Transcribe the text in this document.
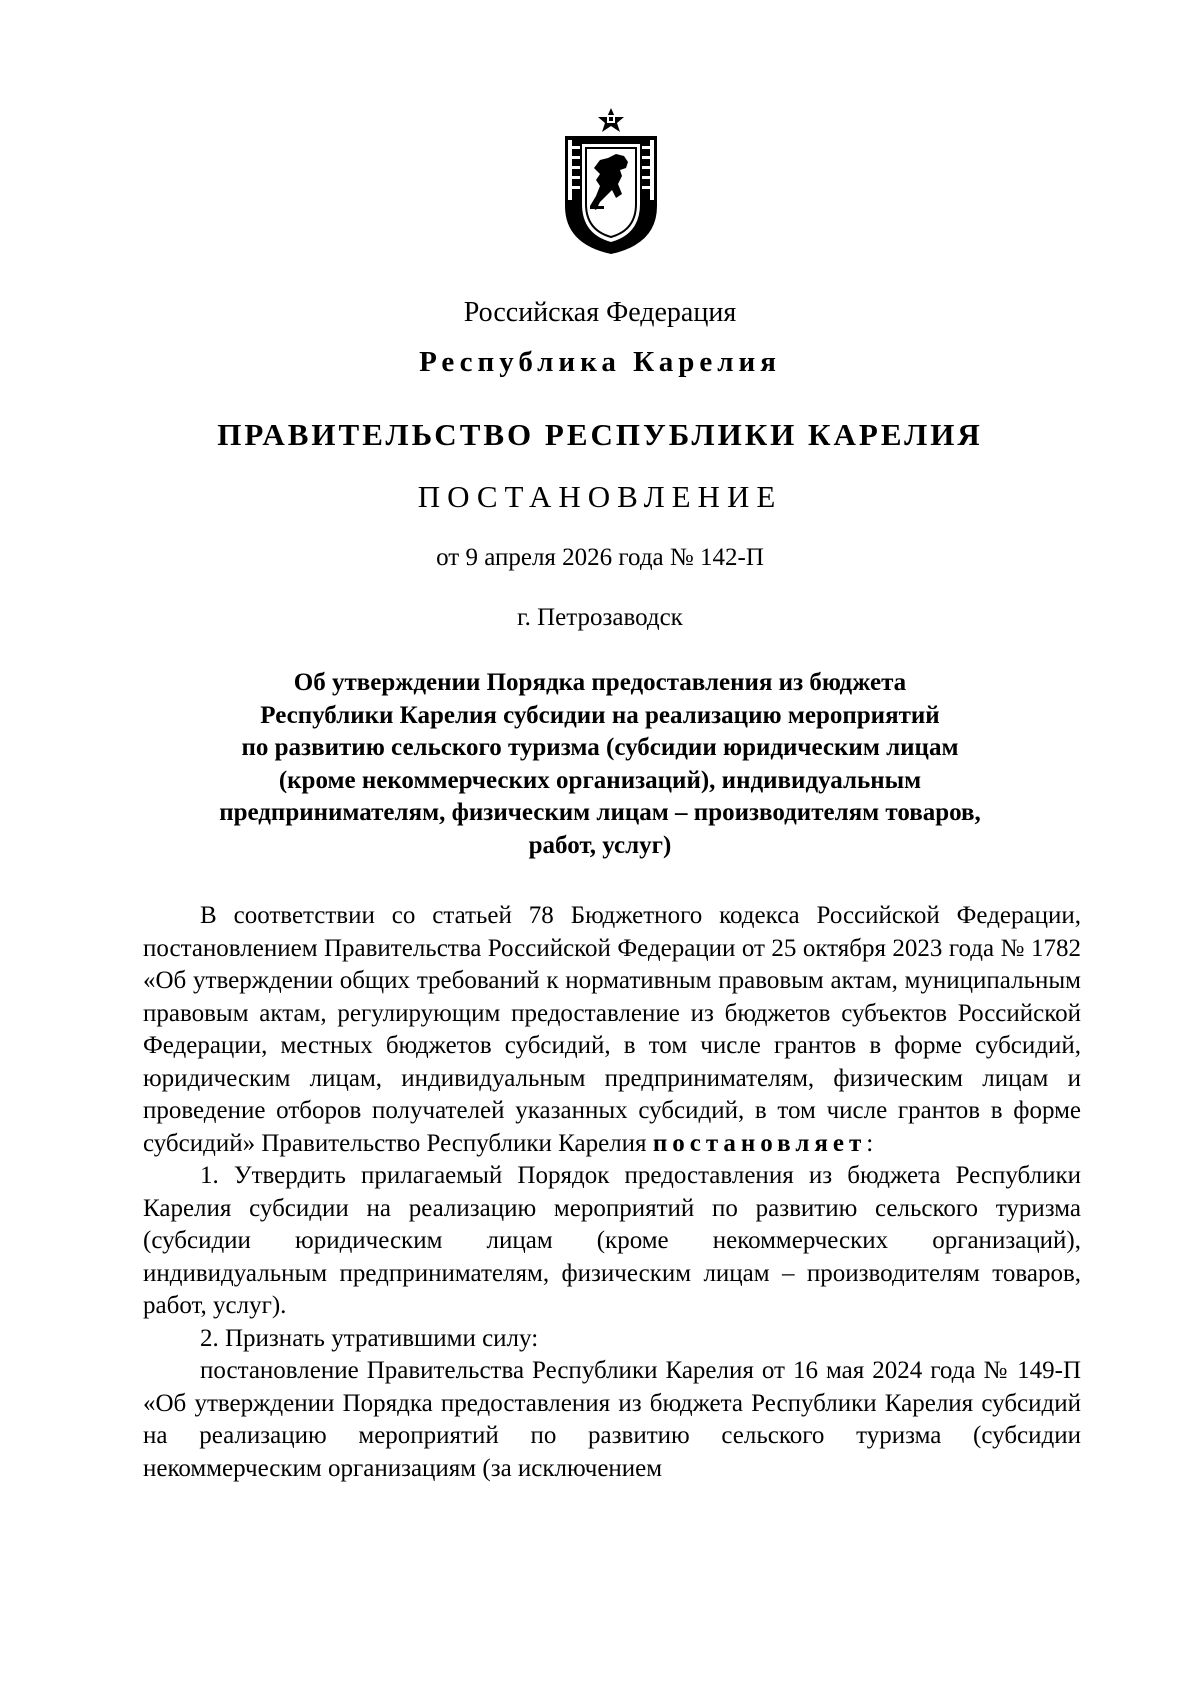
Российская Федерация
Республика Карелия
ПРАВИТЕЛЬСТВО РЕСПУБЛИКИ КАРЕЛИЯ
ПОСТАНОВЛЕНИЕ
от 9 апреля 2026 года № 142-П
г. Петрозаводск
Об утверждении Порядка предоставления из бюджета
Республики Карелия субсидии на реализацию мероприятий
по развитию сельского туризма (субсидии юридическим лицам
(кроме некоммерческих организаций), индивидуальным
предпринимателям, физическим лицам – производителям товаров,
работ, услуг)

В соответствии со статьей 78 Бюджетного кодекса Российской Федерации, постановлением Правительства Российской Федерации от 25 октября 2023 года № 1782 «Об утверждении общих требований к нормативным правовым актам, муниципальным правовым актам, регулирующим предоставление из бюджетов субъектов Российской Федерации, местных бюджетов субсидий, в том числе грантов в форме субсидий, юридическим лицам, индивидуальным предпринимателям, физическим лицам и проведение отборов получателей указанных субсидий, в том числе грантов в форме субсидий» Правительство Республики Карелия постановляет:

1. Утвердить прилагаемый Порядок предоставления из бюджета Республики Карелия субсидии на реализацию мероприятий по развитию сельского туризма (субсидии юридическим лицам (кроме некоммерческих организаций), индивидуальным предпринимателям, физическим лицам – производителям товаров, работ, услуг).

2. Признать утратившими силу:

постановление Правительства Республики Карелия от 16 мая 2024 года № 149-П «Об утверждении Порядка предоставления из бюджета Республики Карелия субсидий на реализацию мероприятий по развитию сельского туризма (субсидии некоммерческим организациям (за исключением
